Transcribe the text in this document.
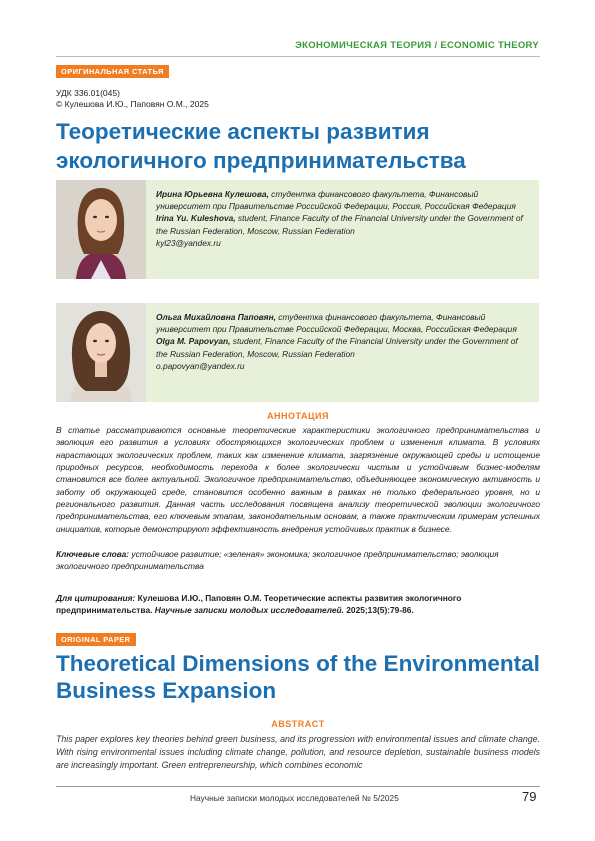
ЭКОНОМИЧЕСКАЯ ТЕОРИЯ / ECONOMIC THEORY
ОРИГИНАЛЬНАЯ СТАТЬЯ
УДК 336.01(045)
© Кулешова И.Ю., Паповян О.М., 2025
Теоретические аспекты развития экологичного предпринимательства
Ирина Юрьевна Кулешова, студентка финансового факультета, Финансовый университет при Правительстве Российской Федерации, Россия, Российская Федерация
Irina Yu. Kuleshova, student, Finance Faculty of the Financial University under the Government of the Russian Federation, Moscow, Russian Federation
kyl23@yandex.ru
Ольга Михайловна Паповян, студентка финансового факультета, Финансовый университет при Правительстве Российской Федерации, Москва, Российская Федерация
Olga M. Papovyan, student, Finance Faculty of the Financial University under the Government of the Russian Federation, Moscow, Russian Federation
o.papovyan@yandex.ru
АННОТАЦИЯ
В статье рассматриваются основные теоретические характеристики экологичного предпринимательства и эволюция его развития в условиях обостряющихся экологических проблем и изменения климата. В условиях нарастающих экологических проблем, таких как изменение климата, загрязнение окружающей среды и истощение природных ресурсов, необходимость перехода к более экологически чистым и устойчивым бизнес-моделям становится все более актуальной. Экологичное предпринимательство, объединяющее экономическую активность и заботу об окружающей среде, становится особенно важным в рамках не только федерального уровня, но и регионального развития. Данная часть исследования посвящена анализу теоретической эволюции экологичного предпринимательства, его ключевым этапам, законодательным основам, а также практическим примерам успешных инициатив, которые демонстрируют эффективность внедрения устойчивых практик в бизнесе.
Ключевые слова: устойчивое развитие; «зеленая» экономика; экологичное предпринимательство; эволюция экологичного предпринимательства
Для цитирования: Кулешова И.Ю., Паповян О.М. Теоретические аспекты развития экологичного предпринимательства. Научные записки молодых исследователей. 2025;13(5):79-86.
ORIGINAL PAPER
Theoretical Dimensions of the Environmental Business Expansion
ABSTRACT
This paper explores key theories behind green business, and its progression with environmental issues and climate change. With rising environmental issues including climate change, pollution, and resource depletion, sustainable business models are increasingly important. Green entrepreneurship, which combines economic
Научные записки молодых исследователей № 5/2025	79
